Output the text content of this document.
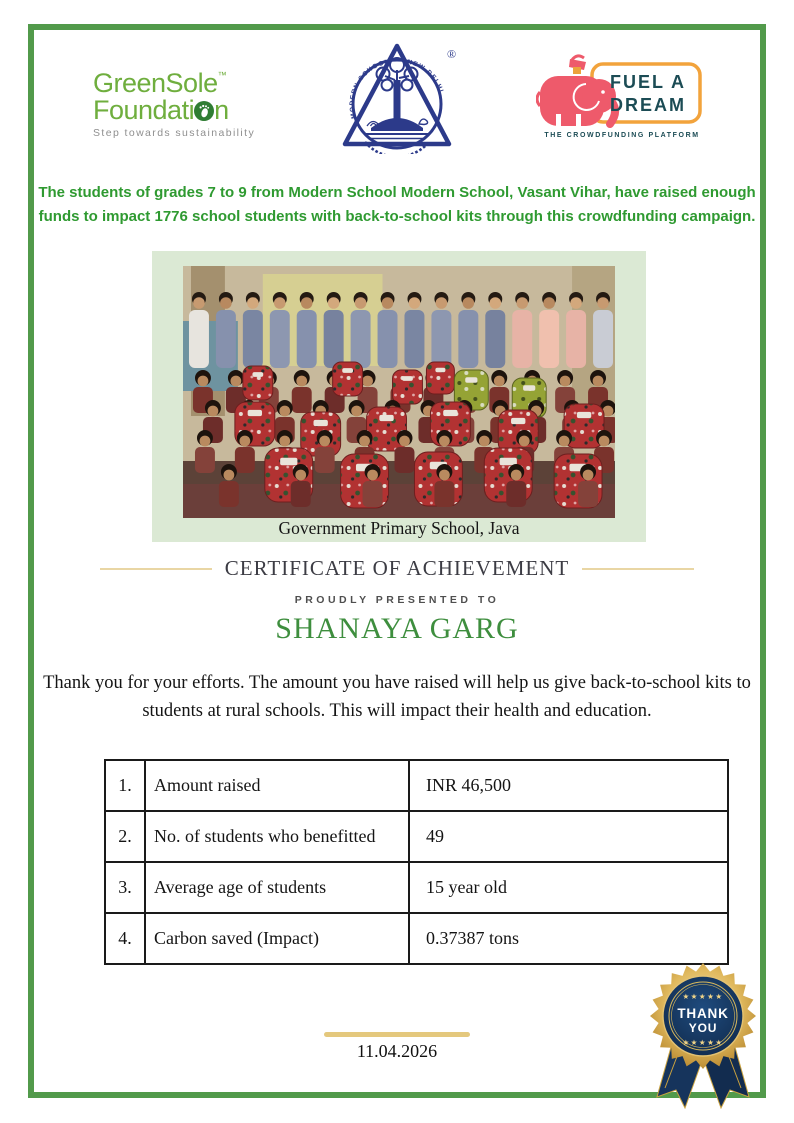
GreenSole™
Foundati n
Step towards sustainability
MODERN SCHOOL NEW DELHI
®
FUEL A
DREAM
THE CROWDFUNDING PLATFORM
The students of grades 7 to 9 from Modern School Modern School, Vasant Vihar, have raised enough funds to impact 1776 school students with back-to-school kits through this crowdfunding campaign.
Government Primary School, Java
CERTIFICATE OF ACHIEVEMENT
PROUDLY PRESENTED TO
SHANAYA GARG
Thank you for your efforts. The amount you have raised will help us give back-to-school kits to students at rural schools. This will impact their health and education.
1.	Amount raised	INR 46,500
2.	No. of students who benefitted	49
3.	Average age of students	15 year old
4.	Carbon saved (Impact)	0.37387 tons
11.04.2026
★★★★★
THANK
YOU
★★★★★
